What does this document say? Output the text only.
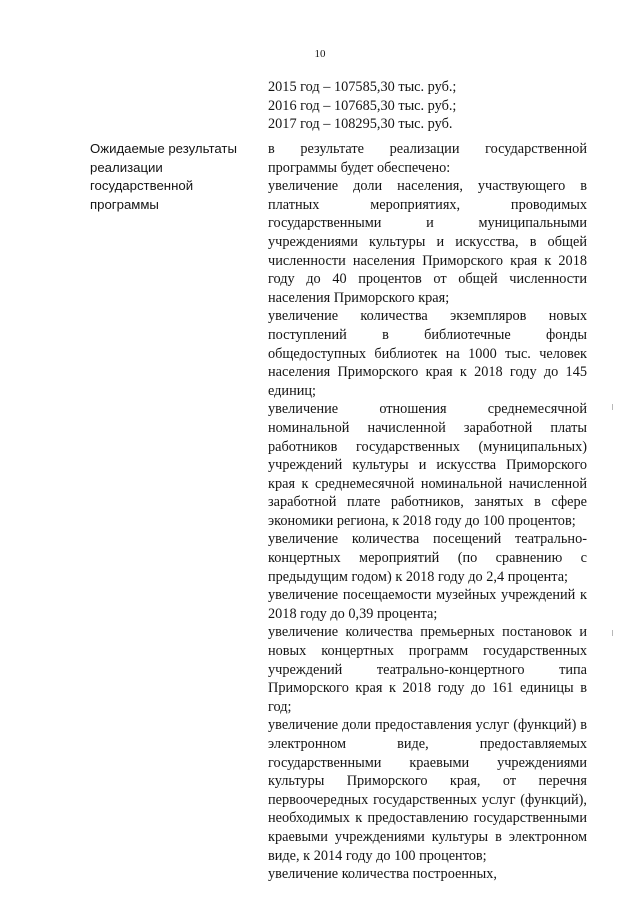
10
2015 год – 107585,30 тыс. руб.;
2016 год – 107685,30 тыс. руб.;
2017 год – 108295,30 тыс. руб.
Ожидаемые результаты
реализации
государственной
программы

в результате реализации государственной программы будет обеспечено:

увеличение доли населения, участвующего в платных мероприятиях, проводимых государственными и муниципальными учреждениями культуры и искусства, в общей численности населения Приморского края к 2018 году до 40 процентов от общей численности населения Приморского края;

увеличение количества экземпляров новых поступлений в библиотечные фонды общедоступных библиотек на 1000 тыс. человек населения Приморского края к 2018 году до 145 единиц;

увеличение отношения среднемесячной номинальной начисленной заработной платы работников государственных (муниципальных) учреждений культуры и искусства Приморского края к среднемесячной номинальной начисленной заработной плате работников, занятых в сфере экономики региона, к 2018 году до 100 процентов;

увеличение количества посещений театрально-концертных мероприятий (по сравнению с предыдущим годом) к 2018 году до 2,4 процента;

увеличение посещаемости музейных учреждений к 2018 году до 0,39 процента;

увеличение количества премьерных постановок и новых концертных программ государственных учреждений театрально-концертного типа Приморского края к 2018 году до 161 единицы в год;

увеличение доли предоставления услуг (функций) в электронном виде, предоставляемых государственными краевыми учреждениями культуры Приморского края, от перечня первоочередных государственных услуг (функций), необходимых к предоставлению государственными краевыми учреждениями культуры в электронном виде, к 2014 году до 100 процентов;

увеличение количества построенных,
